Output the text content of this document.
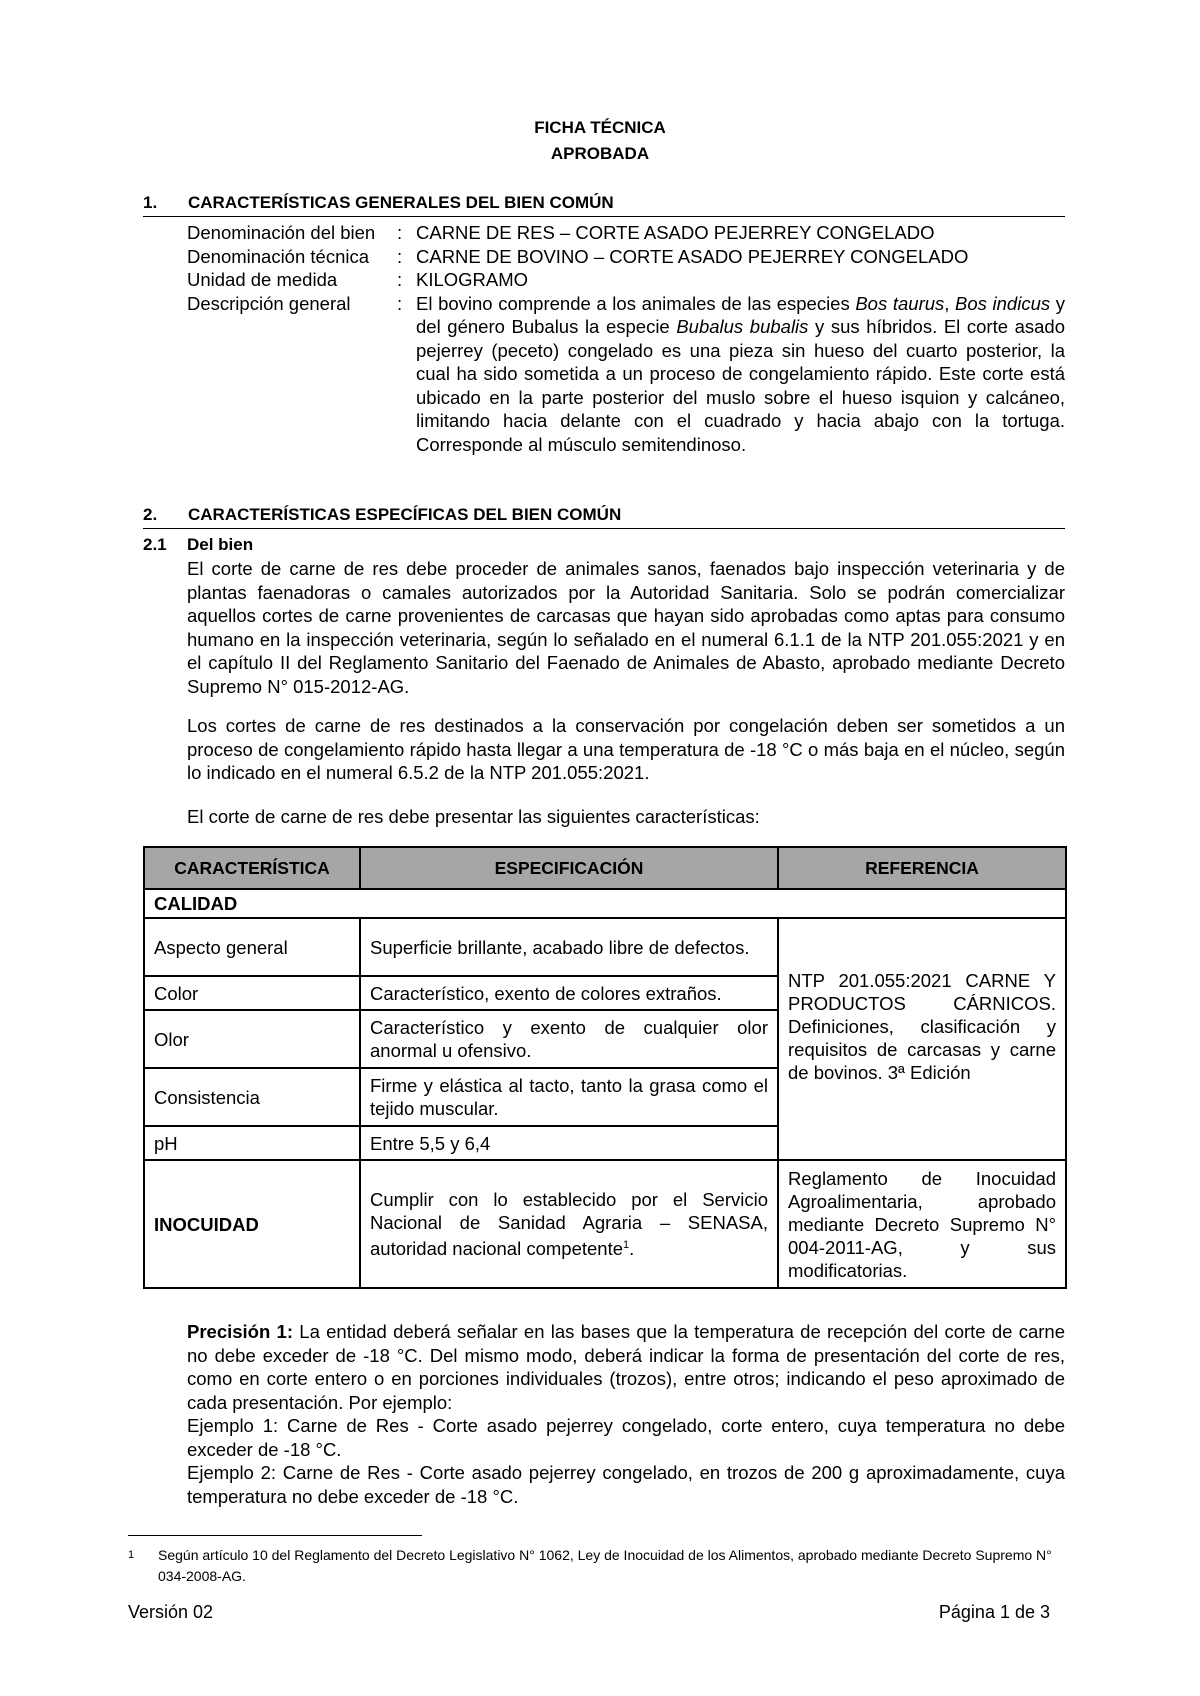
FICHA TÉCNICA
APROBADA
1. CARACTERÍSTICAS GENERALES DEL BIEN COMÚN
Denominación del bien	: CARNE DE RES – CORTE ASADO PEJERREY CONGELADO
Denominación técnica	: CARNE DE BOVINO – CORTE ASADO PEJERREY CONGELADO
Unidad de medida	: KILOGRAMO
Descripción general	: El bovino comprende a los animales de las especies Bos taurus, Bos indicus y del género Bubalus la especie Bubalus bubalis y sus híbridos. El corte asado pejerrey (peceto) congelado es una pieza sin hueso del cuarto posterior, la cual ha sido sometida a un proceso de congelamiento rápido. Este corte está ubicado en la parte posterior del muslo sobre el hueso isquion y calcáneo, limitando hacia delante con el cuadrado y hacia abajo con la tortuga. Corresponde al músculo semitendinoso.
2. CARACTERÍSTICAS ESPECÍFICAS DEL BIEN COMÚN
2.1 Del bien
El corte de carne de res debe proceder de animales sanos, faenados bajo inspección veterinaria y de plantas faenadoras o camales autorizados por la Autoridad Sanitaria. Solo se podrán comercializar aquellos cortes de carne provenientes de carcasas que hayan sido aprobadas como aptas para consumo humano en la inspección veterinaria, según lo señalado en el numeral 6.1.1 de la NTP 201.055:2021 y en el capítulo II del Reglamento Sanitario del Faenado de Animales de Abasto, aprobado mediante Decreto Supremo N° 015-2012-AG.
Los cortes de carne de res destinados a la conservación por congelación deben ser sometidos a un proceso de congelamiento rápido hasta llegar a una temperatura de -18 °C o más baja en el núcleo, según lo indicado en el numeral 6.5.2 de la NTP 201.055:2021.
El corte de carne de res debe presentar las siguientes características:
CARACTERÍSTICA	ESPECIFICACIÓN	REFERENCIA
CALIDAD		
Aspecto general	Superficie brillante, acabado libre de defectos.	NTP 201.055:2021 CARNE Y PRODUCTOS CÁRNICOS. Definiciones, clasificación y requisitos de carcasas y carne de bovinos. 3ª Edición
Color	Característico, exento de colores extraños.	
Olor	Característico y exento de cualquier olor anormal u ofensivo.	
Consistencia	Firme y elástica al tacto, tanto la grasa como el tejido muscular.	
pH	Entre 5,5 y 6,4	
INOCUIDAD	Cumplir con lo establecido por el Servicio Nacional de Sanidad Agraria – SENASA, autoridad nacional competente$^1$.	Reglamento de Inocuidad Agroalimentaria, aprobado mediante Decreto Supremo N° 004-2011-AG, y sus modificatorias.

Precisión 1: La entidad deberá señalar en las bases que la temperatura de recepción del corte de carne no debe exceder de -18 °C. Del mismo modo, deberá indicar la forma de presentación del corte de res, como en corte entero o en porciones individuales (trozos), entre otros; indicando el peso aproximado de cada presentación. Por ejemplo:

Ejemplo 1: Carne de Res - Corte asado pejerrey congelado, corte entero, cuya temperatura no debe exceder de -18 °C.

Ejemplo 2: Carne de Res - Corte asado pejerrey congelado, en trozos de 200 g aproximadamente, cuya temperatura no debe exceder de -18 °C.

1	Según artículo 10 del Reglamento del Decreto Legislativo N° 1062, Ley de Inocuidad de los Alimentos, aprobado mediante Decreto Supremo N° 034-2008-AG.
Versión 02	Página 1 de 3
